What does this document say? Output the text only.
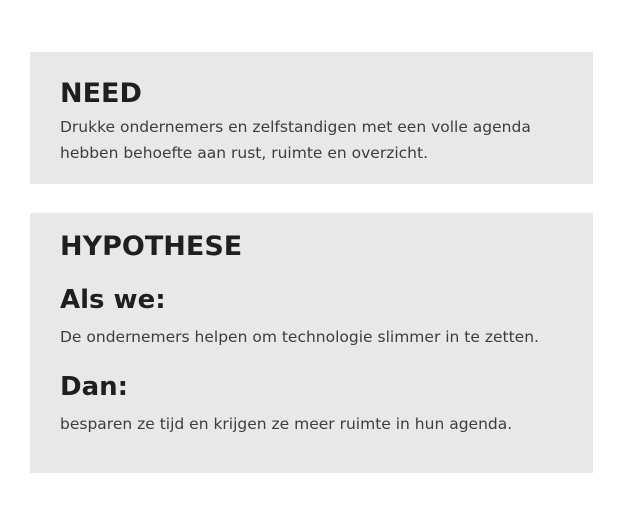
NEED

Drukke ondernemers en zelfstandigen met een volle agenda hebben behoefte aan rust, ruimte en overzicht.

HYPOTHESE
Als we:

De ondernemers helpen om technologie slimmer in te zetten.

Dan:

besparen ze tijd en krijgen ze meer ruimte in hun agenda.
